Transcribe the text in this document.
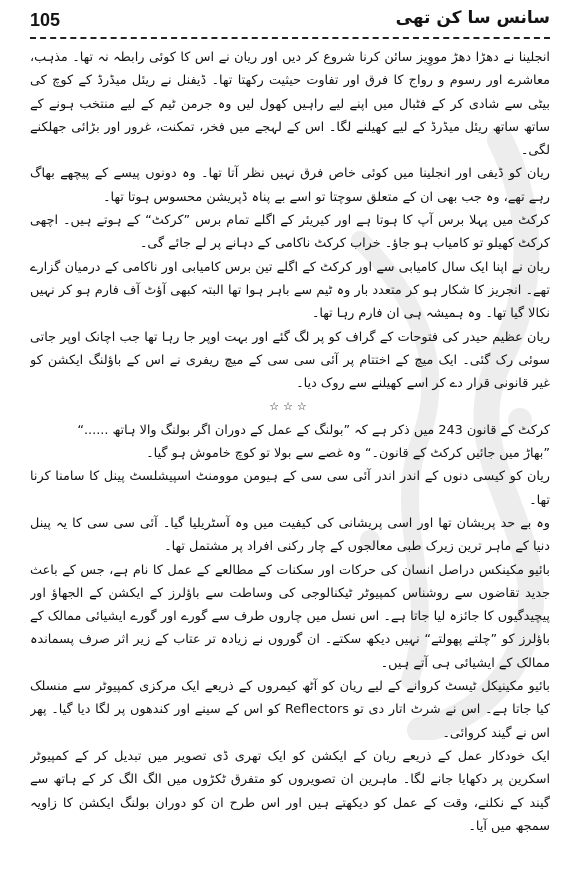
105	سانس سا کن تھی

انجلینا نے دھڑا دھڑ مووِیز سائن کرنا شروع کر دیں اور ریان نے اس کا کوئی رابطہ نہ تھا۔ مذہب، معاشرے اور رسوم و رواج کا فرق اور تفاوت حیثیت رکھتا تھا۔ ڈیفنل نے ریئل میڈرڈ کے کوچ کی بیٹی سے شادی کر کے فٹبال میں اپنے لیے راہیں کھول لیں وہ جرمن ٹیم کے لیے منتخب ہونے کے ساتھ ساتھ ریئل میڈرڈ کے لیے کھیلنے لگا۔ اس کے لہجے میں فخر، تمکنت، غرور اور بڑائی جھلکنے لگی۔

ریان کو ڈیفی اور انجلینا میں کوئی خاص فرق نہیں نظر آتا تھا۔ وہ دونوں پیسے کے پیچھے بھاگ رہے تھے، وہ جب بھی ان کے متعلق سوچتا تو اسے بے پناہ ڈپریشن محسوس ہوتا تھا۔

کرکٹ میں پہلا برس آپ کا ہوتا ہے اور کیریئر کے اگلے تمام برس ”کرکٹ“ کے ہوتے ہیں۔ اچھی کرکٹ کھیلو تو کامیاب ہو جاؤ۔ خراب کرکٹ ناکامی کے دہانے پر لے جائے گی۔

ریان نے اپنا ایک سال کامیابی سے اور کرکٹ کے اگلے تین برس کامیابی اور ناکامی کے درمیان گزارے تھے۔ انجریز کا شکار ہو کر متعدد بار وہ ٹیم سے باہر ہوا تھا البتہ کبھی آؤٹ آف فارم ہو کر نہیں نکالا گیا تھا۔ وہ ہمیشہ ہی ان فارم رہا تھا۔

ریان عظیم حیدر کی فتوحات کے گراف کو پر لگ گئے اور بہت اوپر جا رہا تھا جب اچانک اوپر جاتی سوئی رک گئی۔ ایک میچ کے اختتام پر آئی سی سی کے میچ ریفری نے اس کے باؤلنگ ایکشن کو غیر قانونی قرار دے کر اسے کھیلنے سے روک دیا۔

☆☆☆

کرکٹ کے قانون 243 میں ذکر ہے کہ ”بولنگ کے عمل کے دوران اگر بولنگ والا ہاتھ ......“

”بھاڑ میں جائیں کرکٹ کے قانون۔“ وہ غصے سے بولا تو کوچ خاموش ہو گیا۔

ریان کو کیسی دنوں کے اندر اندر آئی سی سی کے ہیومن موومنٹ اسپیشلسٹ پینل کا سامنا کرنا تھا۔

وہ بے حد پریشان تھا اور اسی پریشانی کی کیفیت میں وہ آسٹریلیا گیا۔ آئی سی سی کا یہ پینل دنیا کے ماہر ترین زیرک طبی معالجوں کے چار رکنی افراد پر مشتمل تھا۔

بائیو مکینکس دراصل انسان کی حرکات اور سکنات کے مطالعے کے عمل کا نام ہے، جس کے باعث جدید تقاضوں سے روشناس کمپیوٹر ٹیکنالوجی کی وساطت سے باؤلرز کے ایکشن کے الجھاؤ اور پیچیدگیوں کا جائزہ لیا جاتا ہے۔ اس نسل میں چاروں طرف سے گورے اور گورے ایشیائی ممالک کے باؤلرز کو ”چلتے پھولتے“ نہیں دیکھ سکتے۔ ان گوروں نے زیادہ تر عتاب کے زیر اثر صرف پسماندہ ممالک کے ایشیائی ہی آتے ہیں۔

بائیو مکینیکل ٹیسٹ کروانے کے لیے ریان کو آٹھ کیمروں کے ذریعے ایک مرکزی کمپیوٹر سے منسلک کیا جاتا ہے۔ اس نے شرٹ اتار دی تو Reflectors کو اس کے سینے اور کندھوں پر لگا دیا گیا۔ پھر اس نے گیند کروائی۔

ایک خودکار عمل کے ذریعے ریان کے ایکشن کو ایک تھری ڈی تصویر میں تبدیل کر کے کمپیوٹر اسکرین پر دکھایا جانے لگا۔ ماہرین ان تصویروں کو متفرق ٹکڑوں میں الگ الگ کر کے ہاتھ سے گیند کے نکلنے، وقت کے عمل کو دیکھتے ہیں اور اس طرح ان کو دوران بولنگ ایکشن کا زاویہ سمجھ میں آیا۔
